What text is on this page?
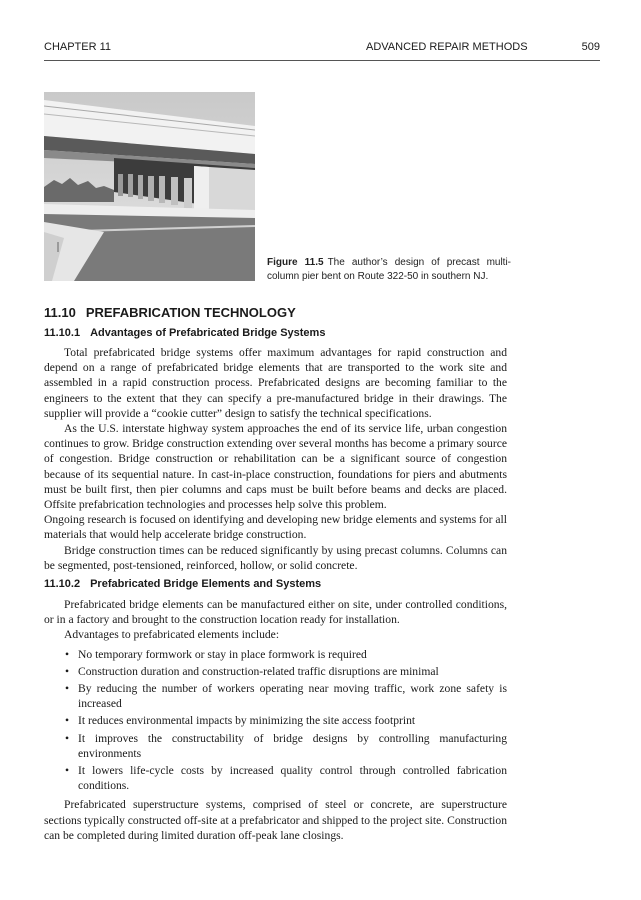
CHAPTER 11	ADVANCED REPAIR METHODS	509
Figure 11.5 The author’s design of precast multi-column pier bent on Route 322-50 in southern NJ.
11.10 PREFABRICATION TECHNOLOGY
11.10.1 Advantages of Prefabricated Bridge Systems

Total prefabricated bridge systems offer maximum advantages for rapid construction and depend on a range of prefabricated bridge elements that are transported to the work site and assembled in a rapid construction process. Prefabricated designs are becoming familiar to the engineers to the extent that they can specify a pre-manufactured bridge in their drawings. The supplier will provide a “cookie cutter” design to satisfy the technical specifications.

As the U.S. interstate highway system approaches the end of its service life, urban congestion continues to grow. Bridge construction extending over several months has become a primary source of congestion. Bridge construction or rehabilitation can be a significant source of congestion because of its sequential nature. In cast-in-place construction, foundations for piers and abutments must be built first, then pier columns and caps must be built before beams and decks are placed. Offsite prefabrication technologies and processes help solve this problem.

Ongoing research is focused on identifying and developing new bridge elements and systems for all materials that would help accelerate bridge construction.

Bridge construction times can be reduced significantly by using precast columns. Columns can be segmented, post-tensioned, reinforced, hollow, or solid concrete.

11.10.2 Prefabricated Bridge Elements and Systems

Prefabricated bridge elements can be manufactured either on site, under controlled conditions, or in a factory and brought to the construction location ready for installation.

Advantages to prefabricated elements include:

• No temporary formwork or stay in place formwork is required
• Construction duration and construction-related traffic disruptions are minimal
• By reducing the number of workers operating near moving traffic, work zone safety is increased
• It reduces environmental impacts by minimizing the site access footprint
• It improves the constructability of bridge designs by controlling manufacturing environments
• It lowers life-cycle costs by increased quality control through controlled fabrication conditions.

Prefabricated superstructure systems, comprised of steel or concrete, are superstructure sections typically constructed off-site at a prefabricator and shipped to the project site. Construction can be completed during limited duration off-peak lane closings.
